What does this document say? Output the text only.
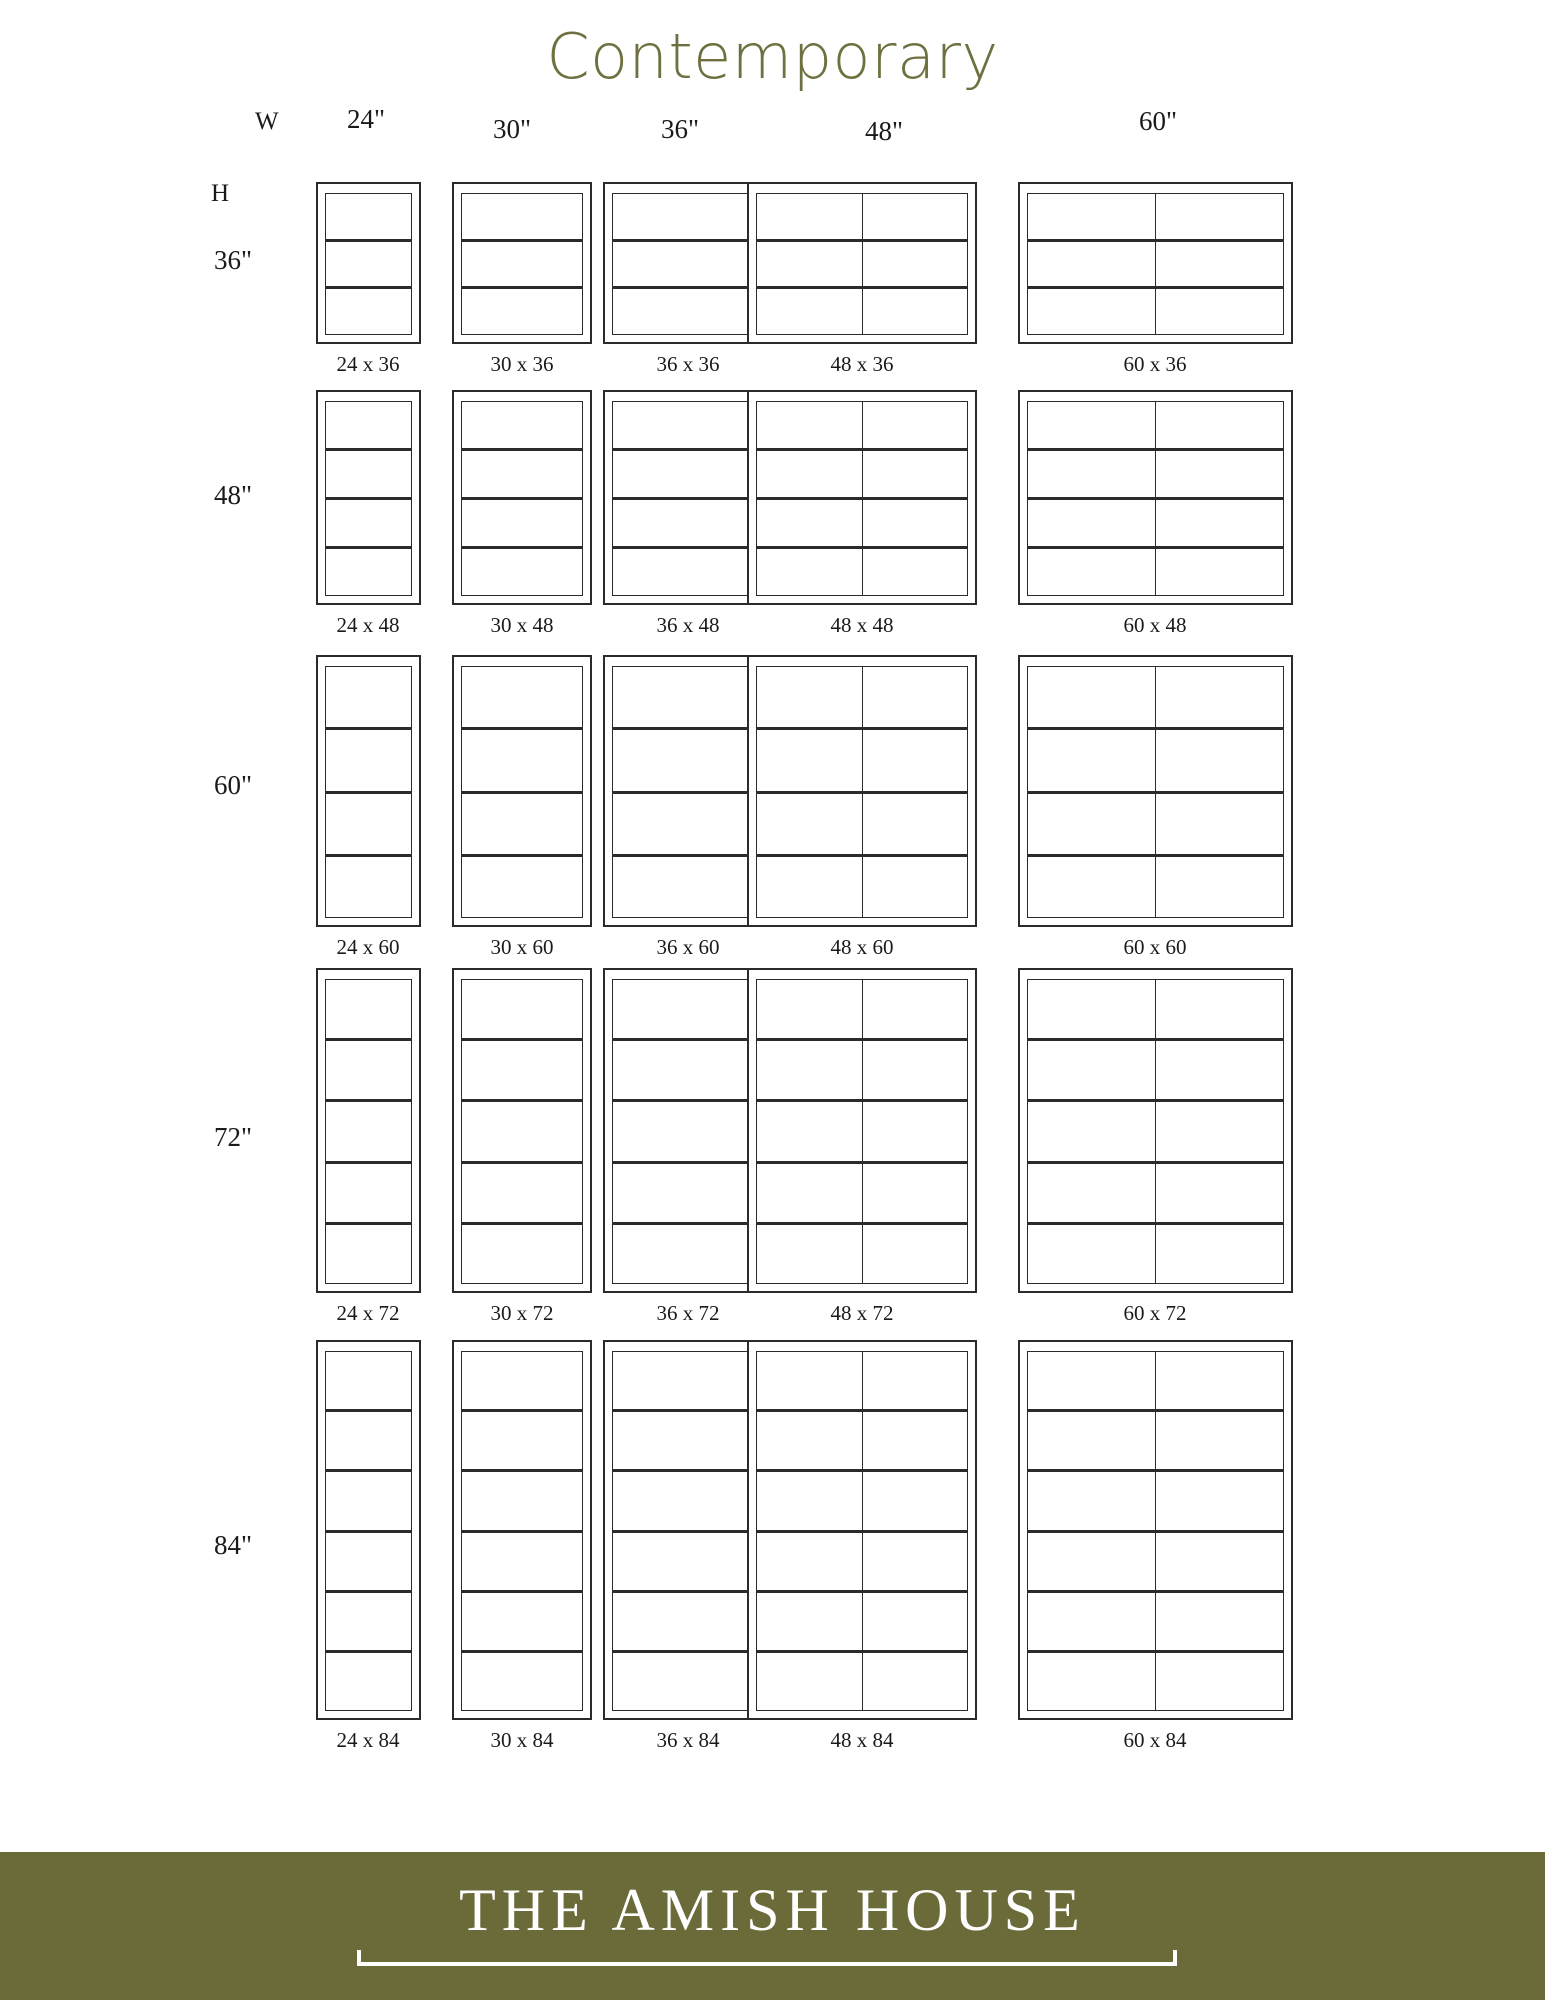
Contemporary
W
H
24"	30"	36"	48"	60"
36"
48"
60"
72"
84"
24 x 36	30 x 36	36 x 36	48 x 36	60 x 36
24 x 48	30 x 48	36 x 48	48 x 48	60 x 48
24 x 60	30 x 60	36 x 60	48 x 60	60 x 60
24 x 72	30 x 72	36 x 72	48 x 72	60 x 72
24 x 84	30 x 84	36 x 84	48 x 84	60 x 84
THE AMISH HOUSE
